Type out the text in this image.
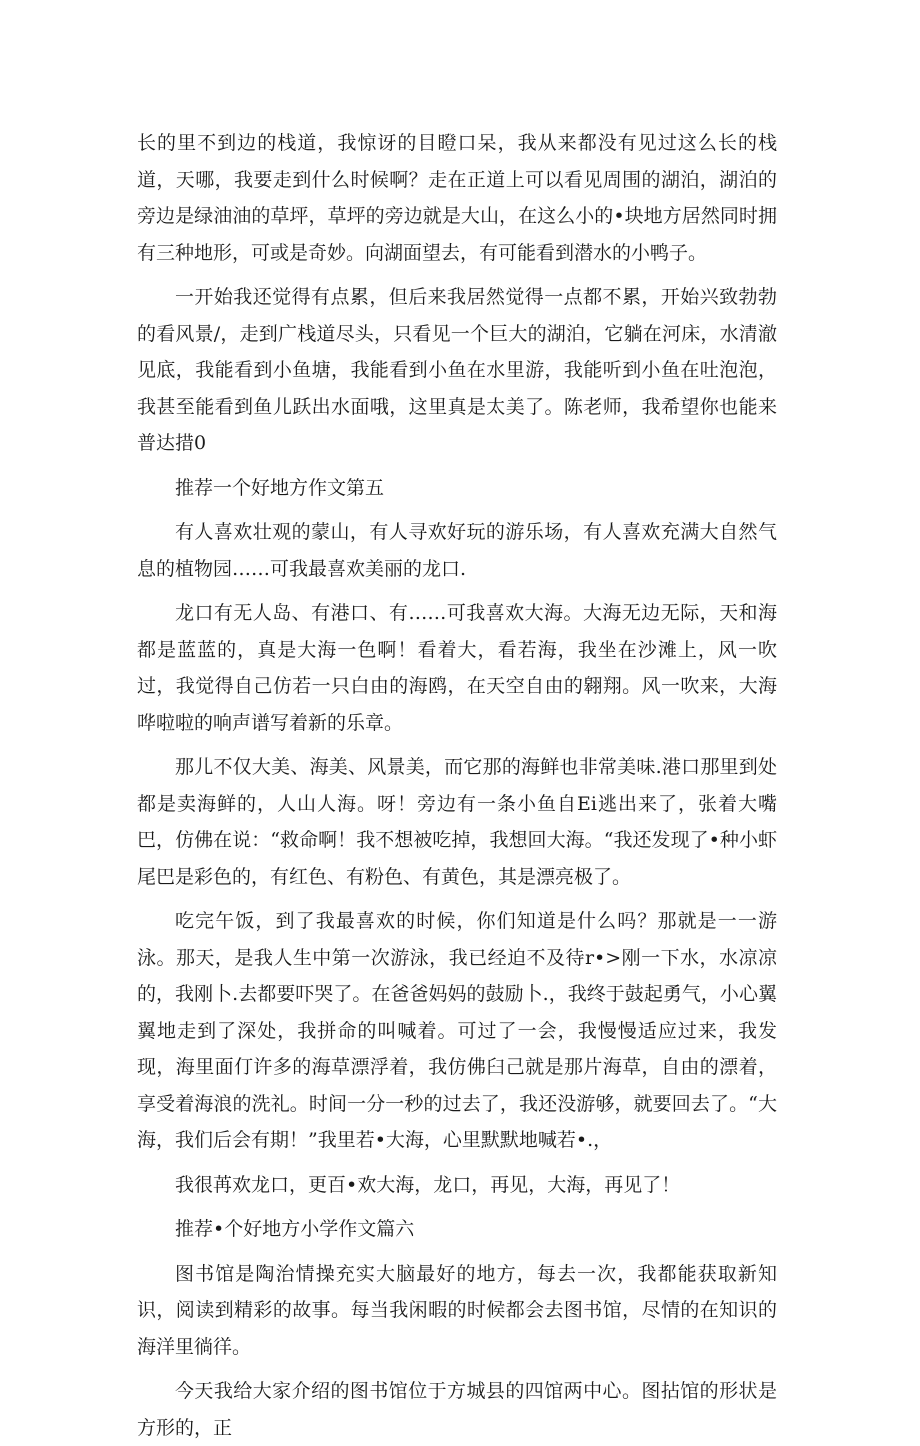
长的里不到边的栈道，我惊讶的目瞪口呆，我从来都没有见过这么长的栈道，天哪，我要走到什么时候啊？走在正道上可以看见周围的湖泊，湖泊的旁边是绿油油的草坪，草坪的旁边就是大山，在这么小的•块地方居然同时拥有三种地形，可或是奇妙。向湖面望去，有可能看到潜水的小鸭子。

一开始我还觉得有点累，但后来我居然觉得一点都不累，开始兴致勃勃的看风景/，走到广栈道尽头，只看见一个巨大的湖泊，它躺在河床，水清澈见底，我能看到小鱼塘，我能看到小鱼在水里游，我能听到小鱼在吐泡泡，我甚至能看到鱼儿跃出水面哦，这里真是太美了。陈老师，我希望你也能来普达措0

推荐一个好地方作文第五

有人喜欢壮观的蒙山，有人寻欢好玩的游乐场，有人喜欢充满大自然气息的植物园……可我最喜欢美丽的龙口.

龙口有无人岛、有港口、有……可我喜欢大海。大海无边无际，天和海都是蓝蓝的，真是大海一色啊！看着大，看若海，我坐在沙滩上，风一吹过，我觉得自己仿若一只白由的海鸥，在天空自由的翱翔。风一吹来，大海哗啦啦的响声谱写着新的乐章。

那儿不仅大美、海美、风景美，而它那的海鲜也非常美味.港口那里到处都是卖海鲜的，人山人海。呀！旁边有一条小鱼自Ei逃出来了，张着大嘴巴，仿佛在说：“救命啊！我不想被吃掉，我想回大海。“我还发现了•种小虾尾巴是彩色的，有红色、有粉色、有黄色，其是漂亮极了。

吃完午饭，到了我最喜欢的时候，你们知道是什么吗？那就是一一游泳。那天，是我人生中第一次游泳，我已经迫不及待r•>刚一下水，水凉凉的，我刚卜.去都要吓哭了。在爸爸妈妈的鼓励卜.，我终于鼓起勇气，小心翼翼地走到了深处，我拼命的叫喊着。可过了一会，我慢慢适应过来，我发现，海里面仃许多的海草漂浮着，我仿佛臼己就是那片海草，自由的漂着，享受着海浪的洗礼。时间一分一秒的过去了，我还没游够，就要回去了。“大海，我们后会有期！”我里若•大海，心里默默地喊若•.，

我很苒欢龙口，更百•欢大海，龙口，再见，大海，再见了！

推荐•个好地方小学作文篇六

图书馆是陶治情操充实大脑最好的地方，每去一次，我都能获取新知识，阅读到精彩的故事。每当我闲暇的时候都会去图书馆，尽情的在知识的海洋里徜徉。

今天我给大家介绍的图书馆位于方城县的四馆两中心。图拈馆的形状是方形的，正
